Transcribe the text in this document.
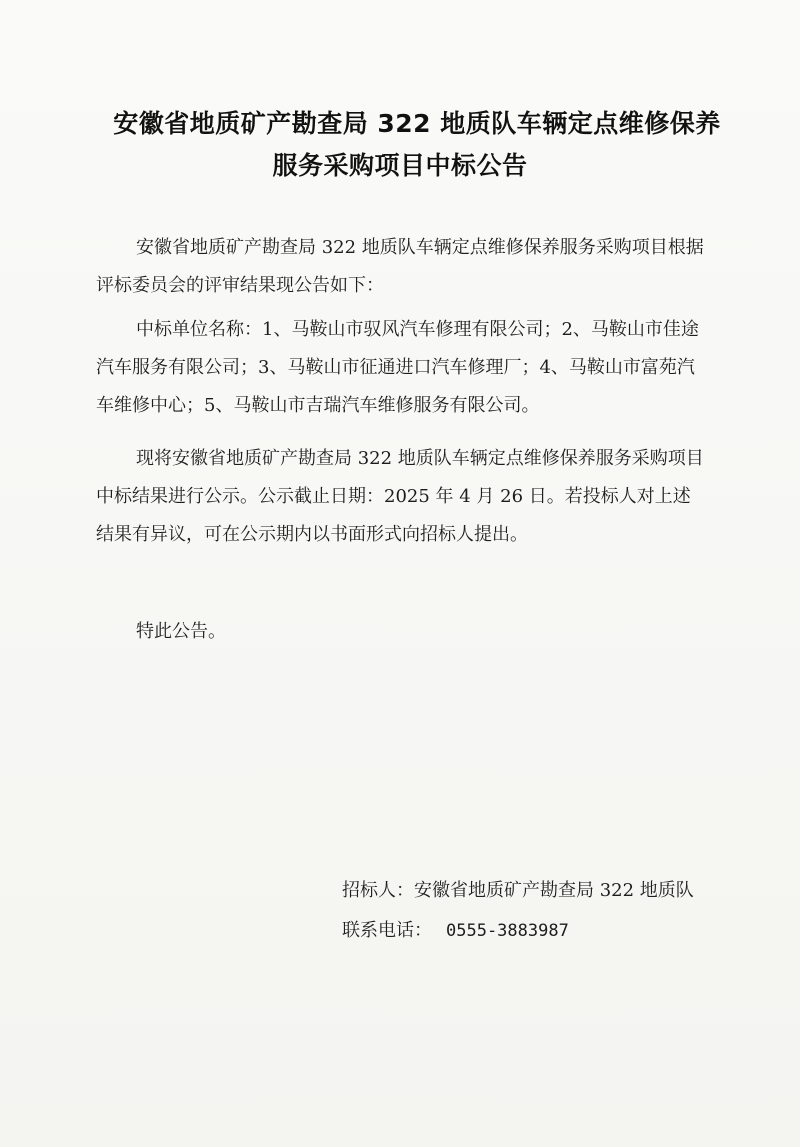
安徽省地质矿产勘查局 322 地质队车辆定点维修保养
服务采购项目中标公告
安徽省地质矿产勘查局 322 地质队车辆定点维修保养服务采购项目根据评标委员会的评审结果现公告如下：
中标单位名称：1、马鞍山市驭风汽车修理有限公司；2、马鞍山市佳途汽车服务有限公司；3、马鞍山市征通进口汽车修理厂；4、马鞍山市富苑汽车维修中心；5、马鞍山市吉瑞汽车维修服务有限公司。
现将安徽省地质矿产勘查局 322 地质队车辆定点维修保养服务采购项目中标结果进行公示。公示截止日期：2025 年 4 月 26 日。若投标人对上述结果有异议，可在公示期内以书面形式向招标人提出。
特此公告。
招标人：安徽省地质矿产勘查局 322 地质队
联系电话： 0555-3883987
